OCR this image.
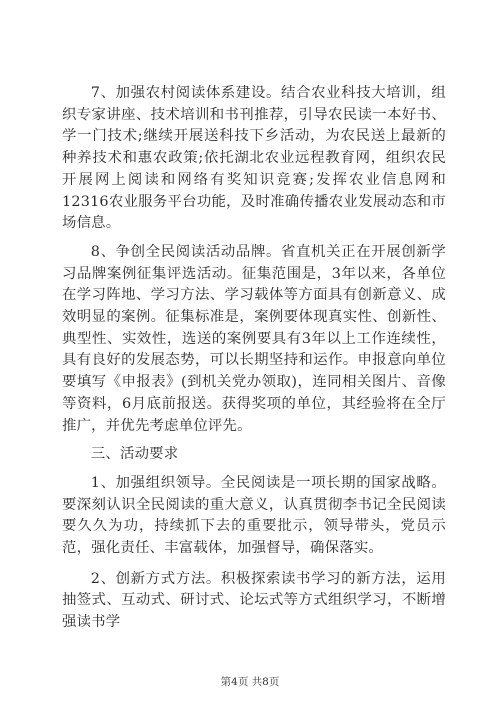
7、加强农村阅读体系建设。结合农业科技大培训，组织专家讲座、技术培训和书刊推荐，引导农民读一本好书、学一门技术;继续开展送科技下乡活动，为农民送上最新的种养技术和惠农政策;依托湖北农业远程教育网，组织农民开展网上阅读和网络有奖知识竞赛;发挥农业信息网和12316农业服务平台功能，及时准确传播农业发展动态和市场信息。

8、争创全民阅读活动品牌。省直机关正在开展创新学习品牌案例征集评选活动。征集范围是，3年以来，各单位在学习阵地、学习方法、学习载体等方面具有创新意义、成效明显的案例。征集标准是，案例要体现真实性、创新性、典型性、实效性，选送的案例要具有3年以上工作连续性，具有良好的发展态势，可以长期坚持和运作。申报意向单位要填写《申报表》(到机关党办领取)，连同相关图片、音像等资料，6月底前报送。获得奖项的单位，其经验将在全厅推广，并优先考虑单位评先。

三、活动要求

1、加强组织领导。全民阅读是一项长期的国家战略。要深刻认识全民阅读的重大意义，认真贯彻李书记全民阅读要久久为功，持续抓下去的重要批示，领导带头，党员示范，强化责任、丰富载体，加强督导，确保落实。

2、创新方式方法。积极探索读书学习的新方法，运用抽签式、互动式、研讨式、论坛式等方式组织学习，不断增强读书学

第4页 共8页
